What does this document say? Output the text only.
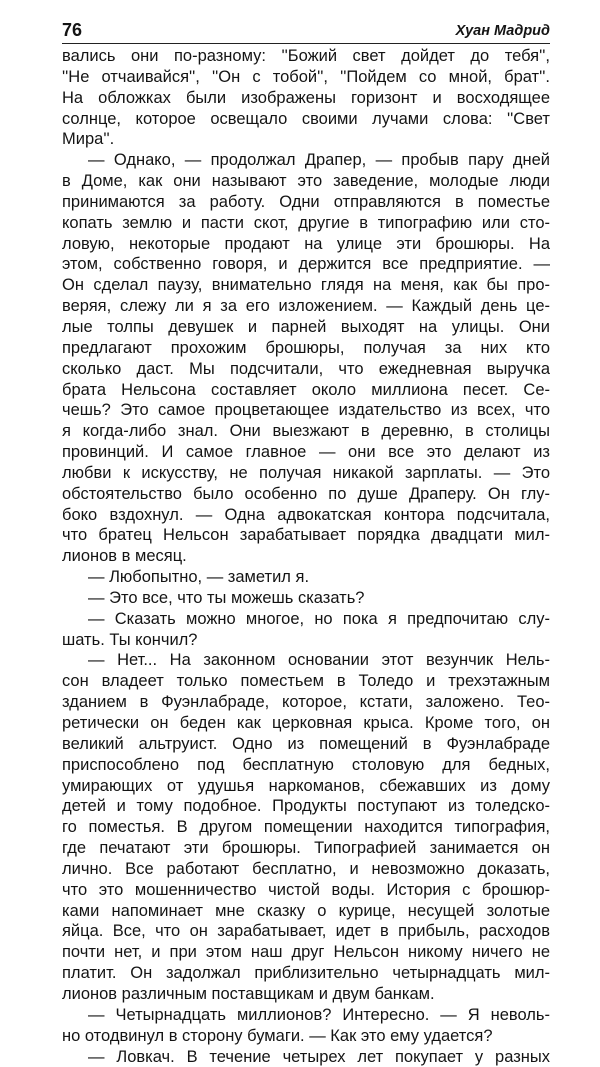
76	Хуан Мадрид
вались они по-разному: ''Божий свет дойдет до тебя'',
''Не отчаивайся'', ''Он с тобой'', ''Пойдем со мной, брат''.
На обложках были изображены горизонт и восходящее
солнце, которое освещало своими лучами слова: ''Свет
Мира''.
— Однако, — продолжал Драпер, — пробыв пару дней
в Доме, как они называют это заведение, молодые люди
принимаются за работу. Одни отправляются в поместье
копать землю и пасти скот, другие в типографию или сто-
ловую, некоторые продают на улице эти брошюры. На
этом, собственно говоря, и держится все предприятие. —
Он сделал паузу, внимательно глядя на меня, как бы про-
веряя, слежу ли я за его изложением. — Каждый день це-
лые толпы девушек и парней выходят на улицы. Они
предлагают прохожим брошюры, получая за них кто
сколько даст. Мы подсчитали, что ежедневная выручка
брата Нельсона составляет около миллиона песет. Се-
чешь? Это самое процветающее издательство из всех, что
я когда-либо знал. Они выезжают в деревню, в столицы
провинций. И самое главное — они все это делают из
любви к искусству, не получая никакой зарплаты. — Это
обстоятельство было особенно по душе Драперу. Он глу-
боко вздохнул. — Одна адвокатская контора подсчитала,
что братец Нельсон зарабатывает порядка двадцати мил-
лионов в месяц.
— Любопытно, — заметил я.
— Это все, что ты можешь сказать?
— Сказать можно многое, но пока я предпочитаю слу-
шать. Ты кончил?
— Нет... На законном основании этот везунчик Нель-
сон владеет только поместьем в Толедо и трехэтажным
зданием в Фуэнлабраде, которое, кстати, заложено. Тео-
ретически он беден как церковная крыса. Кроме того, он
великий альтруист. Одно из помещений в Фуэнлабраде
приспособлено под бесплатную столовую для бедных,
умирающих от удушья наркоманов, сбежавших из дому
детей и тому подобное. Продукты поступают из толедско-
го поместья. В другом помещении находится типография,
где печатают эти брошюры. Типографией занимается он
лично. Все работают бесплатно, и невозможно доказать,
что это мошенничество чистой воды. История с брошюр-
ками напоминает мне сказку о курице, несущей золотые
яйца. Все, что он зарабатывает, идет в прибыль, расходов
почти нет, и при этом наш друг Нельсон никому ничего не
платит. Он задолжал приблизительно четырнадцать мил-
лионов различным поставщикам и двум банкам.
— Четырнадцать миллионов? Интересно. — Я неволь-
но отодвинул в сторону бумаги. — Как это ему удается?
— Ловкач. В течение четырех лет покупает у разных
